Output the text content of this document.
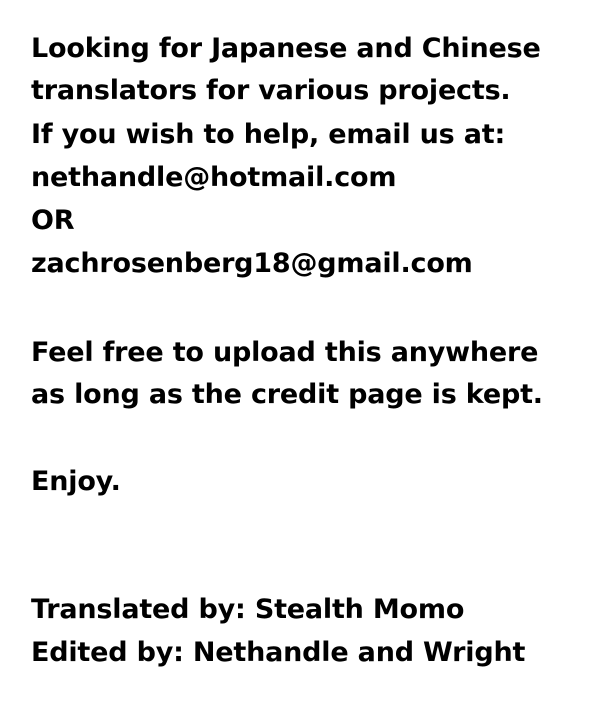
Looking for Japanese and Chinese

translators for various projects.

If you wish to help, email us at:

nethandle@hotmail.com

OR

zachrosenberg18@gmail.com

Feel free to upload this anywhere

as long as the credit page is kept.

Enjoy.

Translated by: Stealth Momo

Edited by: Nethandle and Wright
